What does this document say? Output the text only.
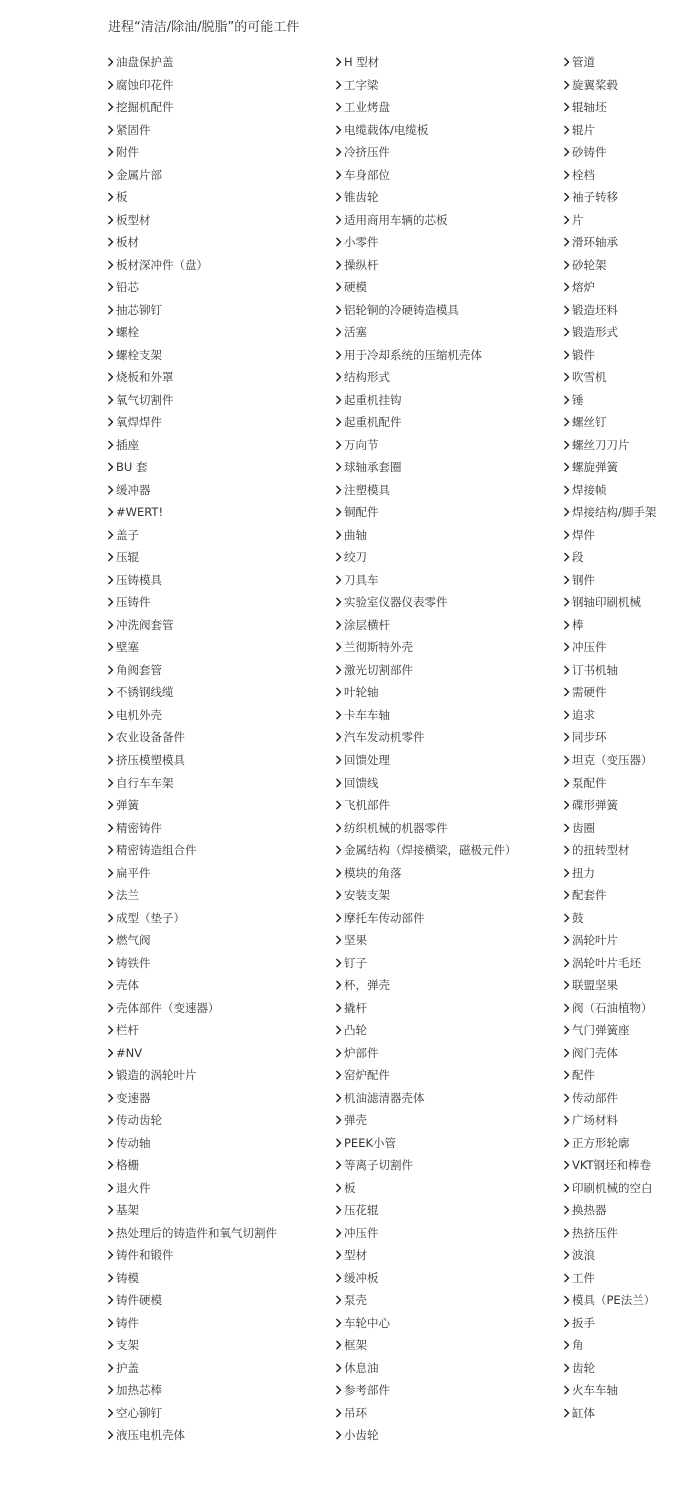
进程“清洁/除油/脱脂”的可能工件
油盘保护盖
腐蚀印花件
挖掘机配件
紧固件
附件
金属片部
板
板型材
板材
板材深冲件（盘）
铅芯
抽芯铆钉
螺栓
螺栓支架
烧板和外罩
氧气切割件
氧焊焊件
插座
BU 套
缓冲器
#WERT!
盖子
压辊
压铸模具
压铸件
冲洗阀套管
壁塞
角阀套管
不锈钢线缆
电机外壳
农业设备备件
挤压模塑模具
自行车车架
弹簧
精密铸件
精密铸造组合件
扁平件
法兰
成型（垫子）
燃气阀
铸铁件
壳体
壳体部件（变速器）
栏杆
#NV
锻造的涡轮叶片
变速器
传动齿轮
传动轴
格栅
退火件
基架
热处理后的铸造件和氧气切割件
铸件和锻件
铸模
铸件硬模
铸件
支架
护盖
加热芯棒
空心铆钉
液压电机壳体
H 型材
工字梁
工业烤盘
电缆载体/电缆板
冷挤压件
车身部位
锥齿轮
适用商用车辆的芯板
小零件
操纵杆
硬模
铝轮铜的冷硬铸造模具
活塞
用于冷却系统的压缩机壳体
结构形式
起重机挂钩
起重机配件
万向节
球轴承套圈
注塑模具
铜配件
曲轴
绞刀
刀具车
实验室仪器仪表零件
涂层横杆
兰彻斯特外壳
激光切割部件
叶轮轴
卡车车轴
汽车发动机零件
回馈处理
回馈线
飞机部件
纺织机械的机器零件
金属结构（焊接横梁，磁极元件）
模块的角落
安装支架
摩托车传动部件
坚果
钉子
杯，弹壳
撬杆
凸轮
炉部件
窑炉配件
机油滤清器壳体
弹壳
PEEK小管
等离子切割件
板
压花辊
冲压件
型材
缓冲板
泵壳
车轮中心
框架
休息油
参考部件
吊环
小齿轮
管道
旋翼桨毂
辊轴坯
辊片
砂铸件
栓档
袖子转移
片
滑环轴承
砂轮架
熔炉
锻造坯料
锻造形式
锻件
吹雪机
锤
螺丝钉
螺丝刀刀片
螺旋弹簧
焊接帧
焊接结构/脚手架
焊件
段
钢件
钢轴印刷机械
棒
冲压件
订书机轴
需硬件
追求
同步环
坦克（变压器）
泵配件
碟形弹簧
齿圈
的扭转型材
扭力
配套件
鼓
涡轮叶片
涡轮叶片毛坯
联盟坚果
阀（石油植物）
气门弹簧座
阀门壳体
配件
传动部件
广场材料
正方形轮廓
VKT钢坯和棒卷
印刷机械的空白
换热器
热挤压件
波浪
工件
模具（PE法兰）
扳手
角
齿轮
火车车轴
缸体
